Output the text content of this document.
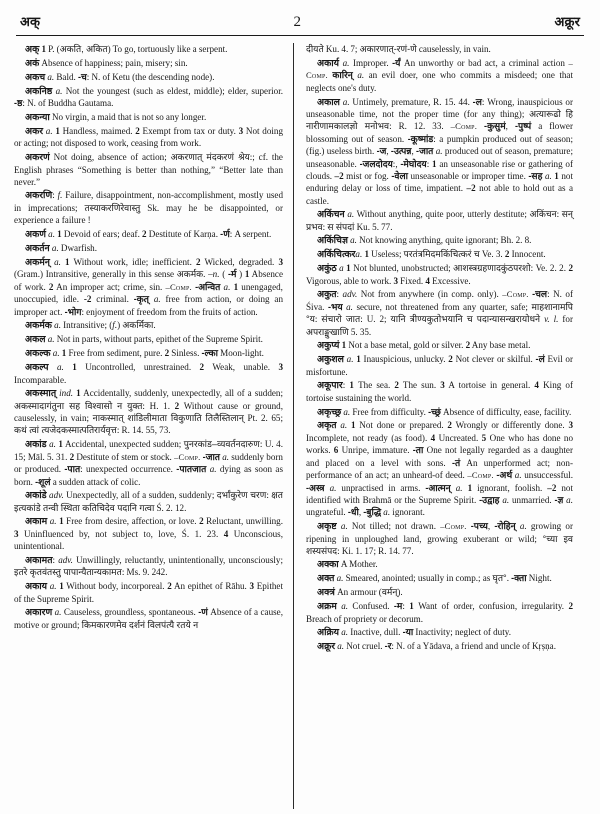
अक्	2	अक्रूर

अक् 1 P. (अकति, अकित) To go, tortuously like a serpent.

अकं Absence of happiness; pain, misery; sin.

अकच a. Bald. -च: N. of Ketu (the descending node).

अकनिष्ठ a. Not the youngest (such as eldest, middle); elder, superior. -ष्ठ: N. of Buddha Gautama.

अकन्या No virgin, a maid that is not so any longer.

अकर a. 1 Handless, maimed. 2 Exempt from tax or duty. 3 Not doing or acting; not disposed to work, ceasing from work.

अकरणं Not doing, absence of action; अकरणात् मंदकरणं श्रेय:; cf. the English phrases “Something is better than nothing,” “Better late than never.”

अकरणि: f. Failure, disappointment, non-accomplishment, mostly used in imprecations; तस्याकरणिरेवास्तु Sk. may he be disappointed, or experience a failure !

अकर्ण a. 1 Devoid of ears; deaf. 2 Destitute of Karṇa. -र्ण: A serpent.

अकर्तन a. Dwarfish.

अकर्मन् a. 1 Without work, idle; inefficient. 2 Wicked, degraded. 3 (Gram.) Intransitive, generally in this sense अकर्मक. –n. ( -र्म ) 1 Absence of work. 2 An improper act; crime, sin. –Comp. -अन्वित a. 1 unengaged, unoccupied, idle. -2 criminal. -कृत् a. free from action, or doing an improper act. -भोग: enjoyment of freedom from the fruits of action.

अकर्मक a. Intransitive; (f.) अकर्मिका.

अकल a. Not in parts, without parts, epithet of the Supreme Spirit.

अकल्क a. 1 Free from sediment, pure. 2 Sinless. -ल्का Moon-light.

अकल्प a. 1 Uncontrolled, unrestrained. 2 Weak, unable. 3 Incomparable.

अकस्मात् ind. 1 Accidentally, suddenly, unexpectedly, all of a sudden; अकस्मादागंतुना सह विश्वासो न युक्त: H. 1. 2 Without cause or ground, causelessly, in vain; नाकस्मात् शांडिलीमाता विकुणाति तिलैस्तिलान् Pt. 2. 65; कथं त्वां त्यजेदकस्मात्पतिरार्यवृत्त: R. 14. 55, 73.

अकांड a. 1 Accidental, unexpected sudden; पुनरकांड–व्यवर्तनदारुण: U. 4. 15; Māl. 5. 31. 2 Destitute of stem or stock. –Comp. -जात a. suddenly born or produced. -पात: unexpected occurrence. -पातजात a. dying as soon as born. -शूलं a sudden attack of colic.

अकांडे adv. Unexpectedly, all of a sudden, suddenly; दर्भांकुरेण चरण: क्षत इत्यकांडे तन्वी स्थिता कतिचिदेव पदानि गत्वा Ś. 2. 12.

अकाम a. 1 Free from desire, affection, or love. 2 Reluctant, unwilling. 3 Uninfluenced by, not subject to, love, Ś. 1. 23. 4 Unconscious, unintentional.

अकामत: adv. Unwillingly, reluctantly, unintentionally, unconsciously; इतरे कृतवंतस्तु पापान्यैतान्यकामत: Ms. 9. 242.

अकाय a. 1 Without body, incorporeal. 2 An epithet of Rāhu. 3 Epithet of the Supreme Spirit.

अकारण a. Causeless, groundless, spontaneous. -णं Absence of a cause, motive or ground; किमकारणमेव दर्शनं विलपंत्यै रतये न

दीयते Ku. 4. 7; अकारणात्-रणं-णे causelessly, in vain.

अकार्य a. Improper. -र्यं An unworthy or bad act, a criminal action –Comp. कारिन् a. an evil doer, one who commits a misdeed; one that neglects one's duty.

अकाल a. Untimely, premature, R. 15. 44. -ल: Wrong, inauspicious or unseasonable time, not the proper time (for any thing); अत्यारूढो हि नारीणामकालज्ञो मनोभव: R. 12. 33. –Comp. -कुसुमं, -पुष्पं a flower blossoming out of season. -कूष्मांड: a pumpkin produced out of season; (fig.) useless birth. -ज, -उत्पन्न, -जात a. produced out of season, premature; unseasonable. -जलदोदय:, -मेघोदय: 1 an unseasonable rise or gathering of clouds. –2 mist or fog. -वेला unseasonable or improper time. -सह a. 1 not enduring delay or loss of time, impatient. –2 not able to hold out as a castle.

अकिंचन a. Without anything, quite poor, utterly destitute; अकिंचन: सन् प्रभव: स संपदां Ku. 5. 77.

अकिंचिज्ञ a. Not knowing anything, quite ignorant; Bh. 2. 8.

अकिंचित्करa. 1 Useless; परतंत्रमिदमकिंचित्करं च Ve. 3. 2 Innocent.

अकुंठ a 1 Not blunted, unobstructed; आशस्त्रग्रहणादकुंठपरशो: Ve. 2. 2. 2 Vigorous, able to work. 3 Fixed. 4 Excessive.

अकुत: adv. Not from anywhere (in comp. only). –Comp. -चल: N. of Śiva. -भय a. secure, not threatened from any quarter, safe; माहशानामपि °य: संचारो जात: U. 2; यानि त्रीण्यकुतोभयानि च पदान्यासन्खरायोधने v. l. for अपराङ्मुखाणि 5. 35.

अकुप्यं 1 Not a base metal, gold or silver. 2 Any base metal.

अकुशल a. 1 Inauspicious, unlucky. 2 Not clever or skilful. -लं Evil or misfortune.

अकूपार: 1 The sea. 2 The sun. 3 A tortoise in general. 4 King of tortoise sustaining the world.

अकृच्छ्र a. Free from difficulty. -च्छ्रं Absence of difficulty, ease, facility.

अकृत a. 1 Not done or prepared. 2 Wrongly or differently done. 3 Incomplete, not ready (as food). 4 Uncreated. 5 One who has done no works. 6 Unripe, immature. -ता One not legally regarded as a daughter and placed on a level with sons. -तं An unperformed act; non-performance of an act; an unheard-of deed. –Comp. -अर्थ a. unsuccessful. -अस्त्र a. unpractised in arms. -आत्मन् a. 1 ignorant, foolish. –2 not identified with Brahmā or the Supreme Spirit. -उद्वाह a. unmarried. -ज्ञ a. ungrateful. -धी, -बुद्धि a. ignorant.

अकृष्ट a. Not tilled; not drawn. –Comp. -पच्य, -रोहिन् a. growing or ripening in unploughed land, growing exuberant or wild; °च्या इव शस्यसंपद: Ki. 1. 17; R. 14. 77.

अक्का A Mother.

अक्त a. Smeared, anointed; usually in comp.; as घृत°. -क्ता Night.

अक्त्रं An armour (वर्मन्).

अक्रम a. Confused. -म: 1 Want of order, confusion, irregularity. 2 Breach of propriety or decorum.

अक्रिय a. Inactive, dull. -या Inactivity; neglect of duty.

अक्रूर a. Not cruel. -र: N. of a Yādava, a friend and uncle of Kṛṣṇa.
